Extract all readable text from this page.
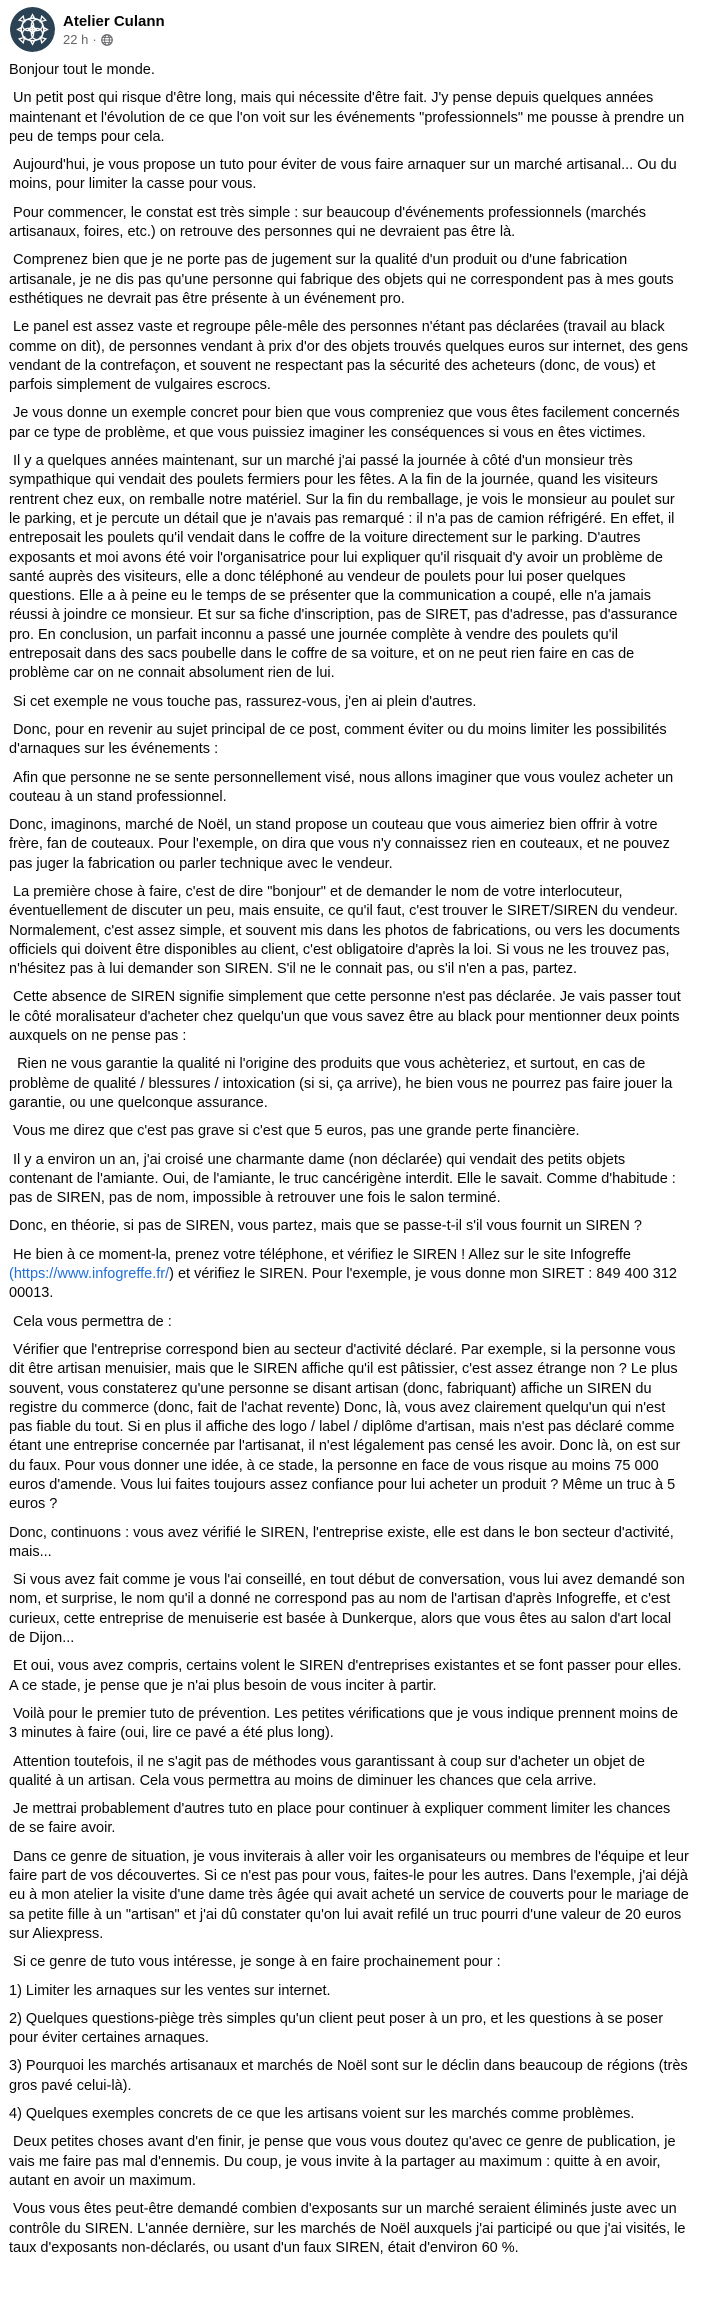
Atelier Culann
22 h ·

Bonjour tout le monde.

Un petit post qui risque d'être long, mais qui nécessite d'être fait. J'y pense depuis quelques années maintenant et l'évolution de ce que l'on voit sur les événements "professionnels" me pousse à prendre un peu de temps pour cela.

Aujourd'hui, je vous propose un tuto pour éviter de vous faire arnaquer sur un marché artisanal... Ou du moins, pour limiter la casse pour vous.

Pour commencer, le constat est très simple : sur beaucoup d'événements professionnels (marchés artisanaux, foires, etc.) on retrouve des personnes qui ne devraient pas être là.

Comprenez bien que je ne porte pas de jugement sur la qualité d'un produit ou d'une fabrication artisanale, je ne dis pas qu'une personne qui fabrique des objets qui ne correspondent pas à mes gouts esthétiques ne devrait pas être présente à un événement pro.

Le panel est assez vaste et regroupe pêle-mêle des personnes n'étant pas déclarées (travail au black comme on dit), de personnes vendant à prix d'or des objets trouvés quelques euros sur internet, des gens vendant de la contrefaçon, et souvent ne respectant pas la sécurité des acheteurs (donc, de vous) et parfois simplement de vulgaires escrocs.

Je vous donne un exemple concret pour bien que vous compreniez que vous êtes facilement concernés par ce type de problème, et que vous puissiez imaginer les conséquences si vous en êtes victimes.

Il y a quelques années maintenant, sur un marché j'ai passé la journée à côté d'un monsieur très sympathique qui vendait des poulets fermiers pour les fêtes. A la fin de la journée, quand les visiteurs rentrent chez eux, on remballe notre matériel. Sur la fin du remballage, je vois le monsieur au poulet sur le parking, et je percute un détail que je n'avais pas remarqué : il n'a pas de camion réfrigéré. En effet, il entreposait les poulets qu'il vendait dans le coffre de la voiture directement sur le parking. D'autres exposants et moi avons été voir l'organisatrice pour lui expliquer qu'il risquait d'y avoir un problème de santé auprès des visiteurs, elle a donc téléphoné au vendeur de poulets pour lui poser quelques questions. Elle a à peine eu le temps de se présenter que la communication a coupé, elle n'a jamais réussi à joindre ce monsieur. Et sur sa fiche d'inscription, pas de SIRET, pas d'adresse, pas d'assurance pro. En conclusion, un parfait inconnu a passé une journée complète à vendre des poulets qu'il entreposait dans des sacs poubelle dans le coffre de sa voiture, et on ne peut rien faire en cas de problème car on ne connait absolument rien de lui.

Si cet exemple ne vous touche pas, rassurez-vous, j'en ai plein d'autres.

Donc, pour en revenir au sujet principal de ce post, comment éviter ou du moins limiter les possibilités d'arnaques sur les événements :

Afin que personne ne se sente personnellement visé, nous allons imaginer que vous voulez acheter un couteau à un stand professionnel.

Donc, imaginons, marché de Noël, un stand propose un couteau que vous aimeriez bien offrir à votre frère, fan de couteaux. Pour l'exemple, on dira que vous n'y connaissez rien en couteaux, et ne pouvez pas juger la fabrication ou parler technique avec le vendeur.

La première chose à faire, c'est de dire "bonjour" et de demander le nom de votre interlocuteur, éventuellement de discuter un peu, mais ensuite, ce qu'il faut, c'est trouver le SIRET/SIREN du vendeur. Normalement, c'est assez simple, et souvent mis dans les photos de fabrications, ou vers les documents officiels qui doivent être disponibles au client, c'est obligatoire d'après la loi. Si vous ne les trouvez pas, n'hésitez pas à lui demander son SIREN. S'il ne le connait pas, ou s'il n'en a pas, partez.

Cette absence de SIREN signifie simplement que cette personne n'est pas déclarée. Je vais passer tout le côté moralisateur d'acheter chez quelqu'un que vous savez être au black pour mentionner deux points auxquels on ne pense pas :

Rien ne vous garantie la qualité ni l'origine des produits que vous achèteriez, et surtout, en cas de problème de qualité / blessures / intoxication (si si, ça arrive), he bien vous ne pourrez pas faire jouer la garantie, ou une quelconque assurance.

Vous me direz que c'est pas grave si c'est que 5 euros, pas une grande perte financière.

Il y a environ un an, j'ai croisé une charmante dame (non déclarée) qui vendait des petits objets contenant de l'amiante. Oui, de l'amiante, le truc cancérigène interdit. Elle le savait. Comme d'habitude : pas de SIREN, pas de nom, impossible à retrouver une fois le salon terminé.

Donc, en théorie, si pas de SIREN, vous partez, mais que se passe-t-il s'il vous fournit un SIREN ?

He bien à ce moment-la, prenez votre téléphone, et vérifiez le SIREN ! Allez sur le site Infogreffe (https://www.infogreffe.fr/) et vérifiez le SIREN. Pour l'exemple, je vous donne mon SIRET : 849 400 312 00013.

Cela vous permettra de :

Vérifier que l'entreprise correspond bien au secteur d'activité déclaré. Par exemple, si la personne vous dit être artisan menuisier, mais que le SIREN affiche qu'il est pâtissier, c'est assez étrange non ? Le plus souvent, vous constaterez qu'une personne se disant artisan (donc, fabriquant) affiche un SIREN du registre du commerce (donc, fait de l'achat revente) Donc, là, vous avez clairement quelqu'un qui n'est pas fiable du tout. Si en plus il affiche des logo / label / diplôme d'artisan, mais n'est pas déclaré comme étant une entreprise concernée par l'artisanat, il n'est légalement pas censé les avoir. Donc là, on est sur du faux. Pour vous donner une idée, à ce stade, la personne en face de vous risque au moins 75 000 euros d'amende. Vous lui faites toujours assez confiance pour lui acheter un produit ? Même un truc à 5 euros ?

Donc, continuons : vous avez vérifié le SIREN, l'entreprise existe, elle est dans le bon secteur d'activité, mais...

Si vous avez fait comme je vous l'ai conseillé, en tout début de conversation, vous lui avez demandé son nom, et surprise, le nom qu'il a donné ne correspond pas au nom de l'artisan d'après Infogreffe, et c'est curieux, cette entreprise de menuiserie est basée à Dunkerque, alors que vous êtes au salon d'art local de Dijon...

Et oui, vous avez compris, certains volent le SIREN d'entreprises existantes et se font passer pour elles. A ce stade, je pense que je n'ai plus besoin de vous inciter à partir.

Voilà pour le premier tuto de prévention. Les petites vérifications que je vous indique prennent moins de 3 minutes à faire (oui, lire ce pavé a été plus long).

Attention toutefois, il ne s'agit pas de méthodes vous garantissant à coup sur d'acheter un objet de qualité à un artisan. Cela vous permettra au moins de diminuer les chances que cela arrive.

Je mettrai probablement d'autres tuto en place pour continuer à expliquer comment limiter les chances de se faire avoir.

Dans ce genre de situation, je vous inviterais à aller voir les organisateurs ou membres de l'équipe et leur faire part de vos découvertes. Si ce n'est pas pour vous, faites-le pour les autres. Dans l'exemple, j'ai déjà eu à mon atelier la visite d'une dame très âgée qui avait acheté un service de couverts pour le mariage de sa petite fille à un "artisan" et j'ai dû constater qu'on lui avait refilé un truc pourri d'une valeur de 20 euros sur Aliexpress.

Si ce genre de tuto vous intéresse, je songe à en faire prochainement pour :

1) Limiter les arnaques sur les ventes sur internet.

2) Quelques questions-piège très simples qu'un client peut poser à un pro, et les questions à se poser pour éviter certaines arnaques.

3) Pourquoi les marchés artisanaux et marchés de Noël sont sur le déclin dans beaucoup de régions (très gros pavé celui-là).

4) Quelques exemples concrets de ce que les artisans voient sur les marchés comme problèmes.

Deux petites choses avant d'en finir, je pense que vous vous doutez qu'avec ce genre de publication, je vais me faire pas mal d'ennemis. Du coup, je vous invite à la partager au maximum : quitte à en avoir, autant en avoir un maximum.

Vous vous êtes peut-être demandé combien d'exposants sur un marché seraient éliminés juste avec un contrôle du SIREN. L'année dernière, sur les marchés de Noël auxquels j'ai participé ou que j'ai visités, le taux d'exposants non-déclarés, ou usant d'un faux SIREN, était d'environ 60 %.
